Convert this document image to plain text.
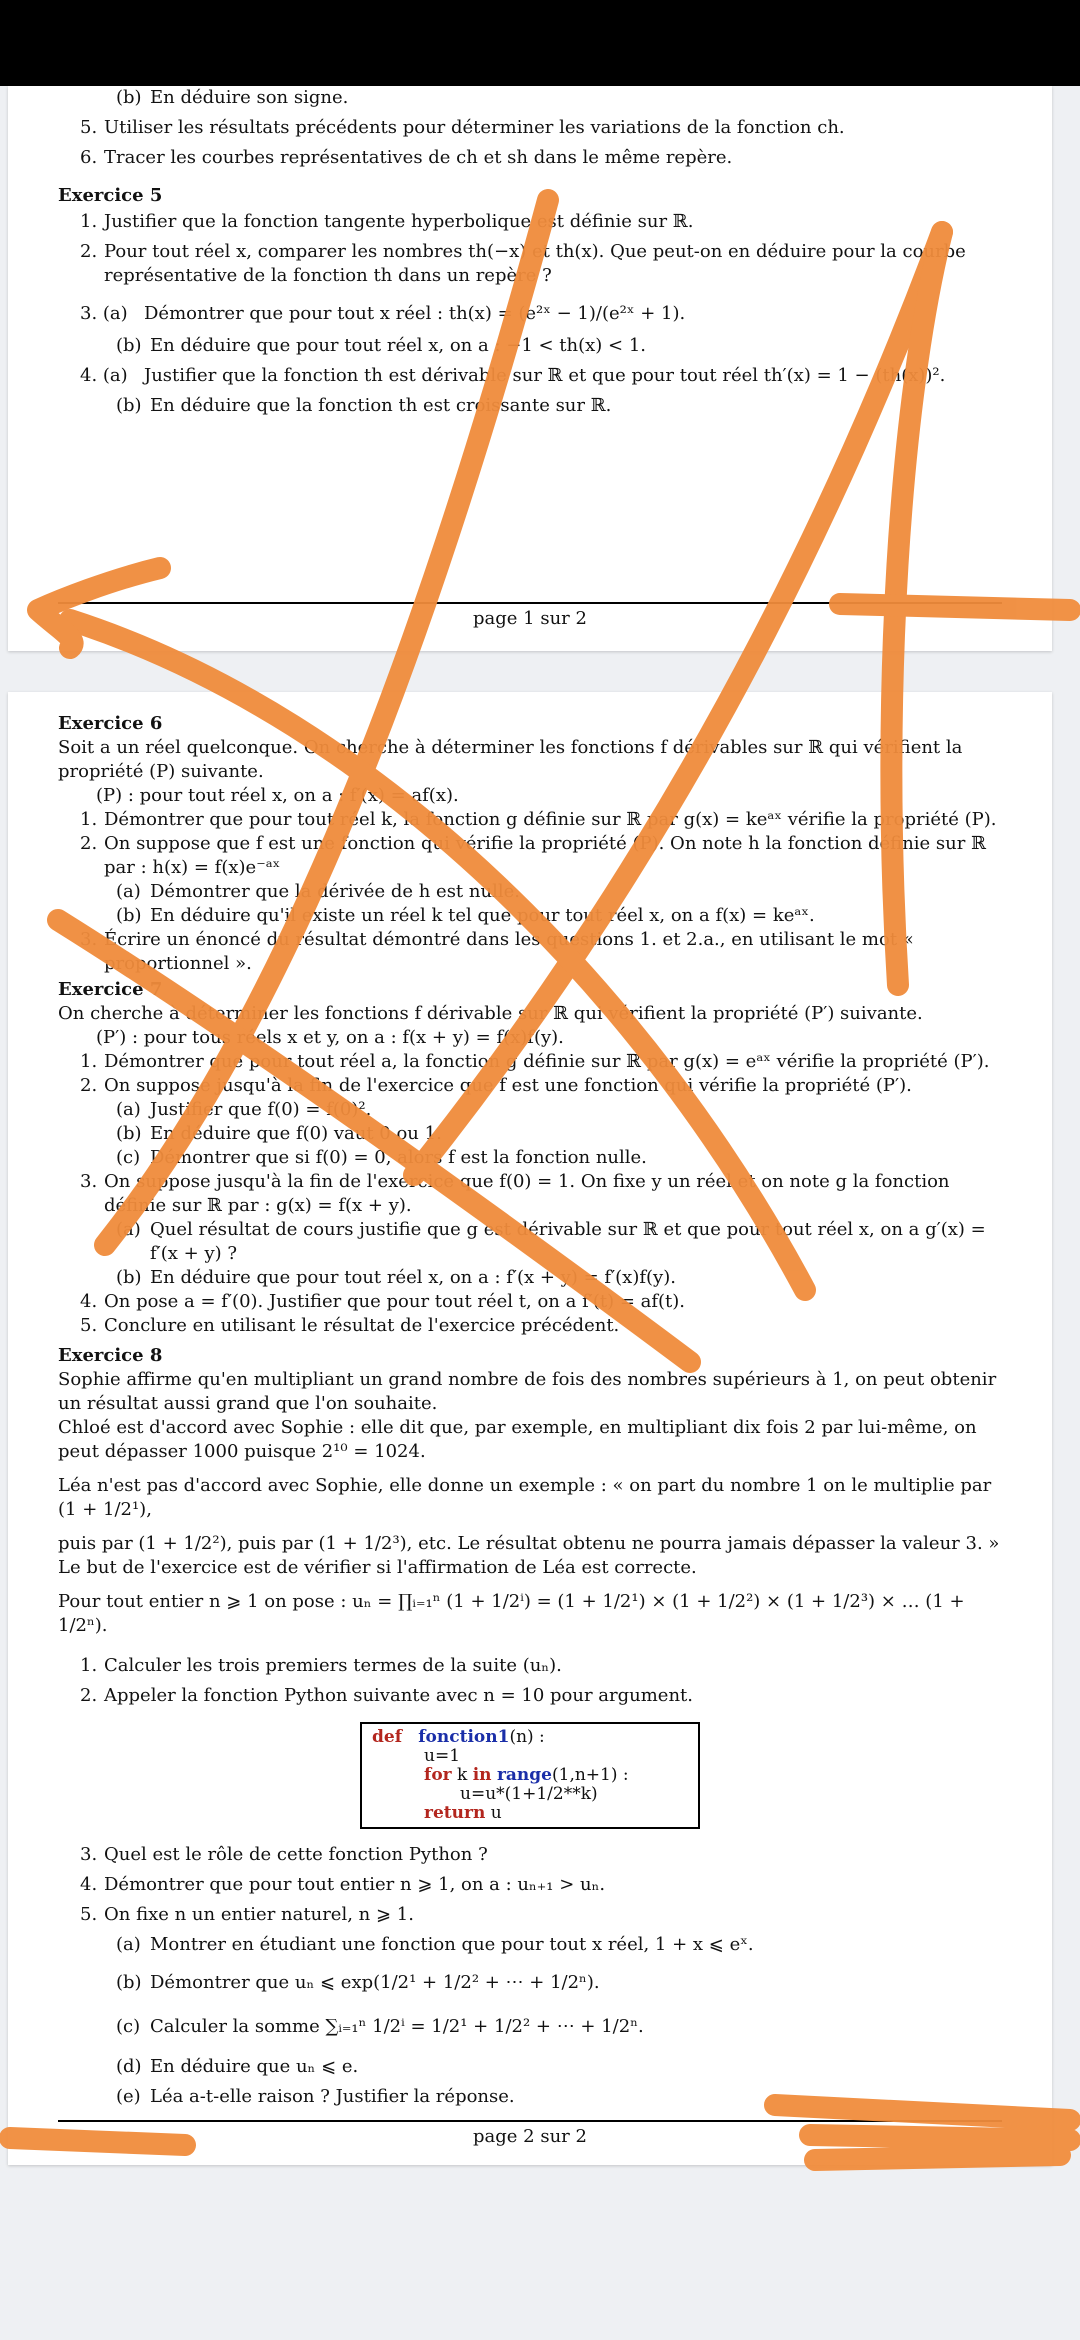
(b) En déduire son signe.
5. Utiliser les résultats précédents pour déterminer les variations de la fonction ch.
6. Tracer les courbes représentatives de ch et sh dans le même repère.
Exercice 5
1. Justifier que la fonction tangente hyperbolique est définie sur ℝ.
2. Pour tout réel x, comparer les nombres th(−x) et th(x). Que peut-on en déduire pour la courbe représentative de la fonction th dans un repère ?
3. (a) Démontrer que pour tout x réel : th(x) = (e²ˣ − 1)/(e²ˣ + 1).
(b) En déduire que pour tout réel x, on a : −1 < th(x) < 1.
4. (a) Justifier que la fonction th est dérivable sur ℝ et que pour tout réel th′(x) = 1 − (th(x))².
(b) En déduire que la fonction th est croissante sur ℝ.
page 1 sur 2
Exercice 6

Soit a un réel quelconque. On cherche à déterminer les fonctions f dérivables sur ℝ qui vérifient la propriété (P) suivante.

(P) : pour tout réel x, on a : f′(x) = af(x).

1. Démontrer que pour tout réel k, la fonction g définie sur ℝ par g(x) = keᵃˣ vérifie la propriété (P).
2. On suppose que f est une fonction qui vérifie la propriété (P). On note h la fonction définie sur ℝ par : h(x) = f(x)e⁻ᵃˣ
(a) Démontrer que la dérivée de h est nulle.
(b) En déduire qu'il existe un réel k tel que pour tout réel x, on a f(x) = keᵃˣ.
3. Écrire un énoncé du résultat démontré dans les questions 1. et 2.a., en utilisant le mot « proportionnel ».
Exercice 7

On cherche à déterminer les fonctions f dérivable sur ℝ qui vérifient la propriété (P′) suivante.

(P′) : pour tous réels x et y, on a : f(x + y) = f(x)f(y).

1. Démontrer que pour tout réel a, la fonction g définie sur ℝ par g(x) = eᵃˣ vérifie la propriété (P′).
2. On suppose jusqu'à la fin de l'exercice que f est une fonction qui vérifie la propriété (P′).
(a) Justifier que f(0) = f(0)².
(b) En déduire que f(0) vaut 0 ou 1.
(c) Démontrer que si f(0) = 0, alors f est la fonction nulle.
3. On suppose jusqu'à la fin de l'exercice que f(0) = 1. On fixe y un réel et on note g la fonction définie sur ℝ par : g(x) = f(x + y).
(a) Quel résultat de cours justifie que g est dérivable sur ℝ et que pour tout réel x, on a g′(x) = f′(x + y) ?
(b) En déduire que pour tout réel x, on a : f′(x + y) = f′(x)f(y).
4. On pose a = f′(0). Justifier que pour tout réel t, on a f′(t) = af(t).
5. Conclure en utilisant le résultat de l'exercice précédent.
Exercice 8

Sophie affirme qu'en multipliant un grand nombre de fois des nombres supérieurs à 1, on peut obtenir un résultat aussi grand que l'on souhaite.

Chloé est d'accord avec Sophie : elle dit que, par exemple, en multipliant dix fois 2 par lui-même, on peut dépasser 1000 puisque 2¹⁰ = 1024.

Léa n'est pas d'accord avec Sophie, elle donne un exemple : « on part du nombre 1 on le multiplie par (1 + 1/2¹),

puis par (1 + 1/2²), puis par (1 + 1/2³), etc. Le résultat obtenu ne pourra jamais dépasser la valeur 3. »

Le but de l'exercice est de vérifier si l'affirmation de Léa est correcte.

Pour tout entier n ⩾ 1 on pose : uₙ = ∏ᵢ₌₁ⁿ (1 + 1/2ⁱ) = (1 + 1/2¹) × (1 + 1/2²) × (1 + 1/2³) × … (1 + 1/2ⁿ).

1. Calculer les trois premiers termes de la suite (uₙ).
2. Appeler la fonction Python suivante avec n = 10 pour argument.
def fonction1(n) :
u=1
for k in range(1,n+1) :
u=u*(1+1/2**k)
return u
3. Quel est le rôle de cette fonction Python ?
4. Démontrer que pour tout entier n ⩾ 1, on a : uₙ₊₁ > uₙ.
5. On fixe n un entier naturel, n ⩾ 1.
(a) Montrer en étudiant une fonction que pour tout x réel, 1 + x ⩽ eˣ.
(b) Démontrer que uₙ ⩽ exp(1/2¹ + 1/2² + ⋯ + 1/2ⁿ).
(c) Calculer la somme ∑ᵢ₌₁ⁿ 1/2ⁱ = 1/2¹ + 1/2² + ⋯ + 1/2ⁿ.
(d) En déduire que uₙ ⩽ e.
(e) Léa a-t-elle raison ? Justifier la réponse.
page 2 sur 2
